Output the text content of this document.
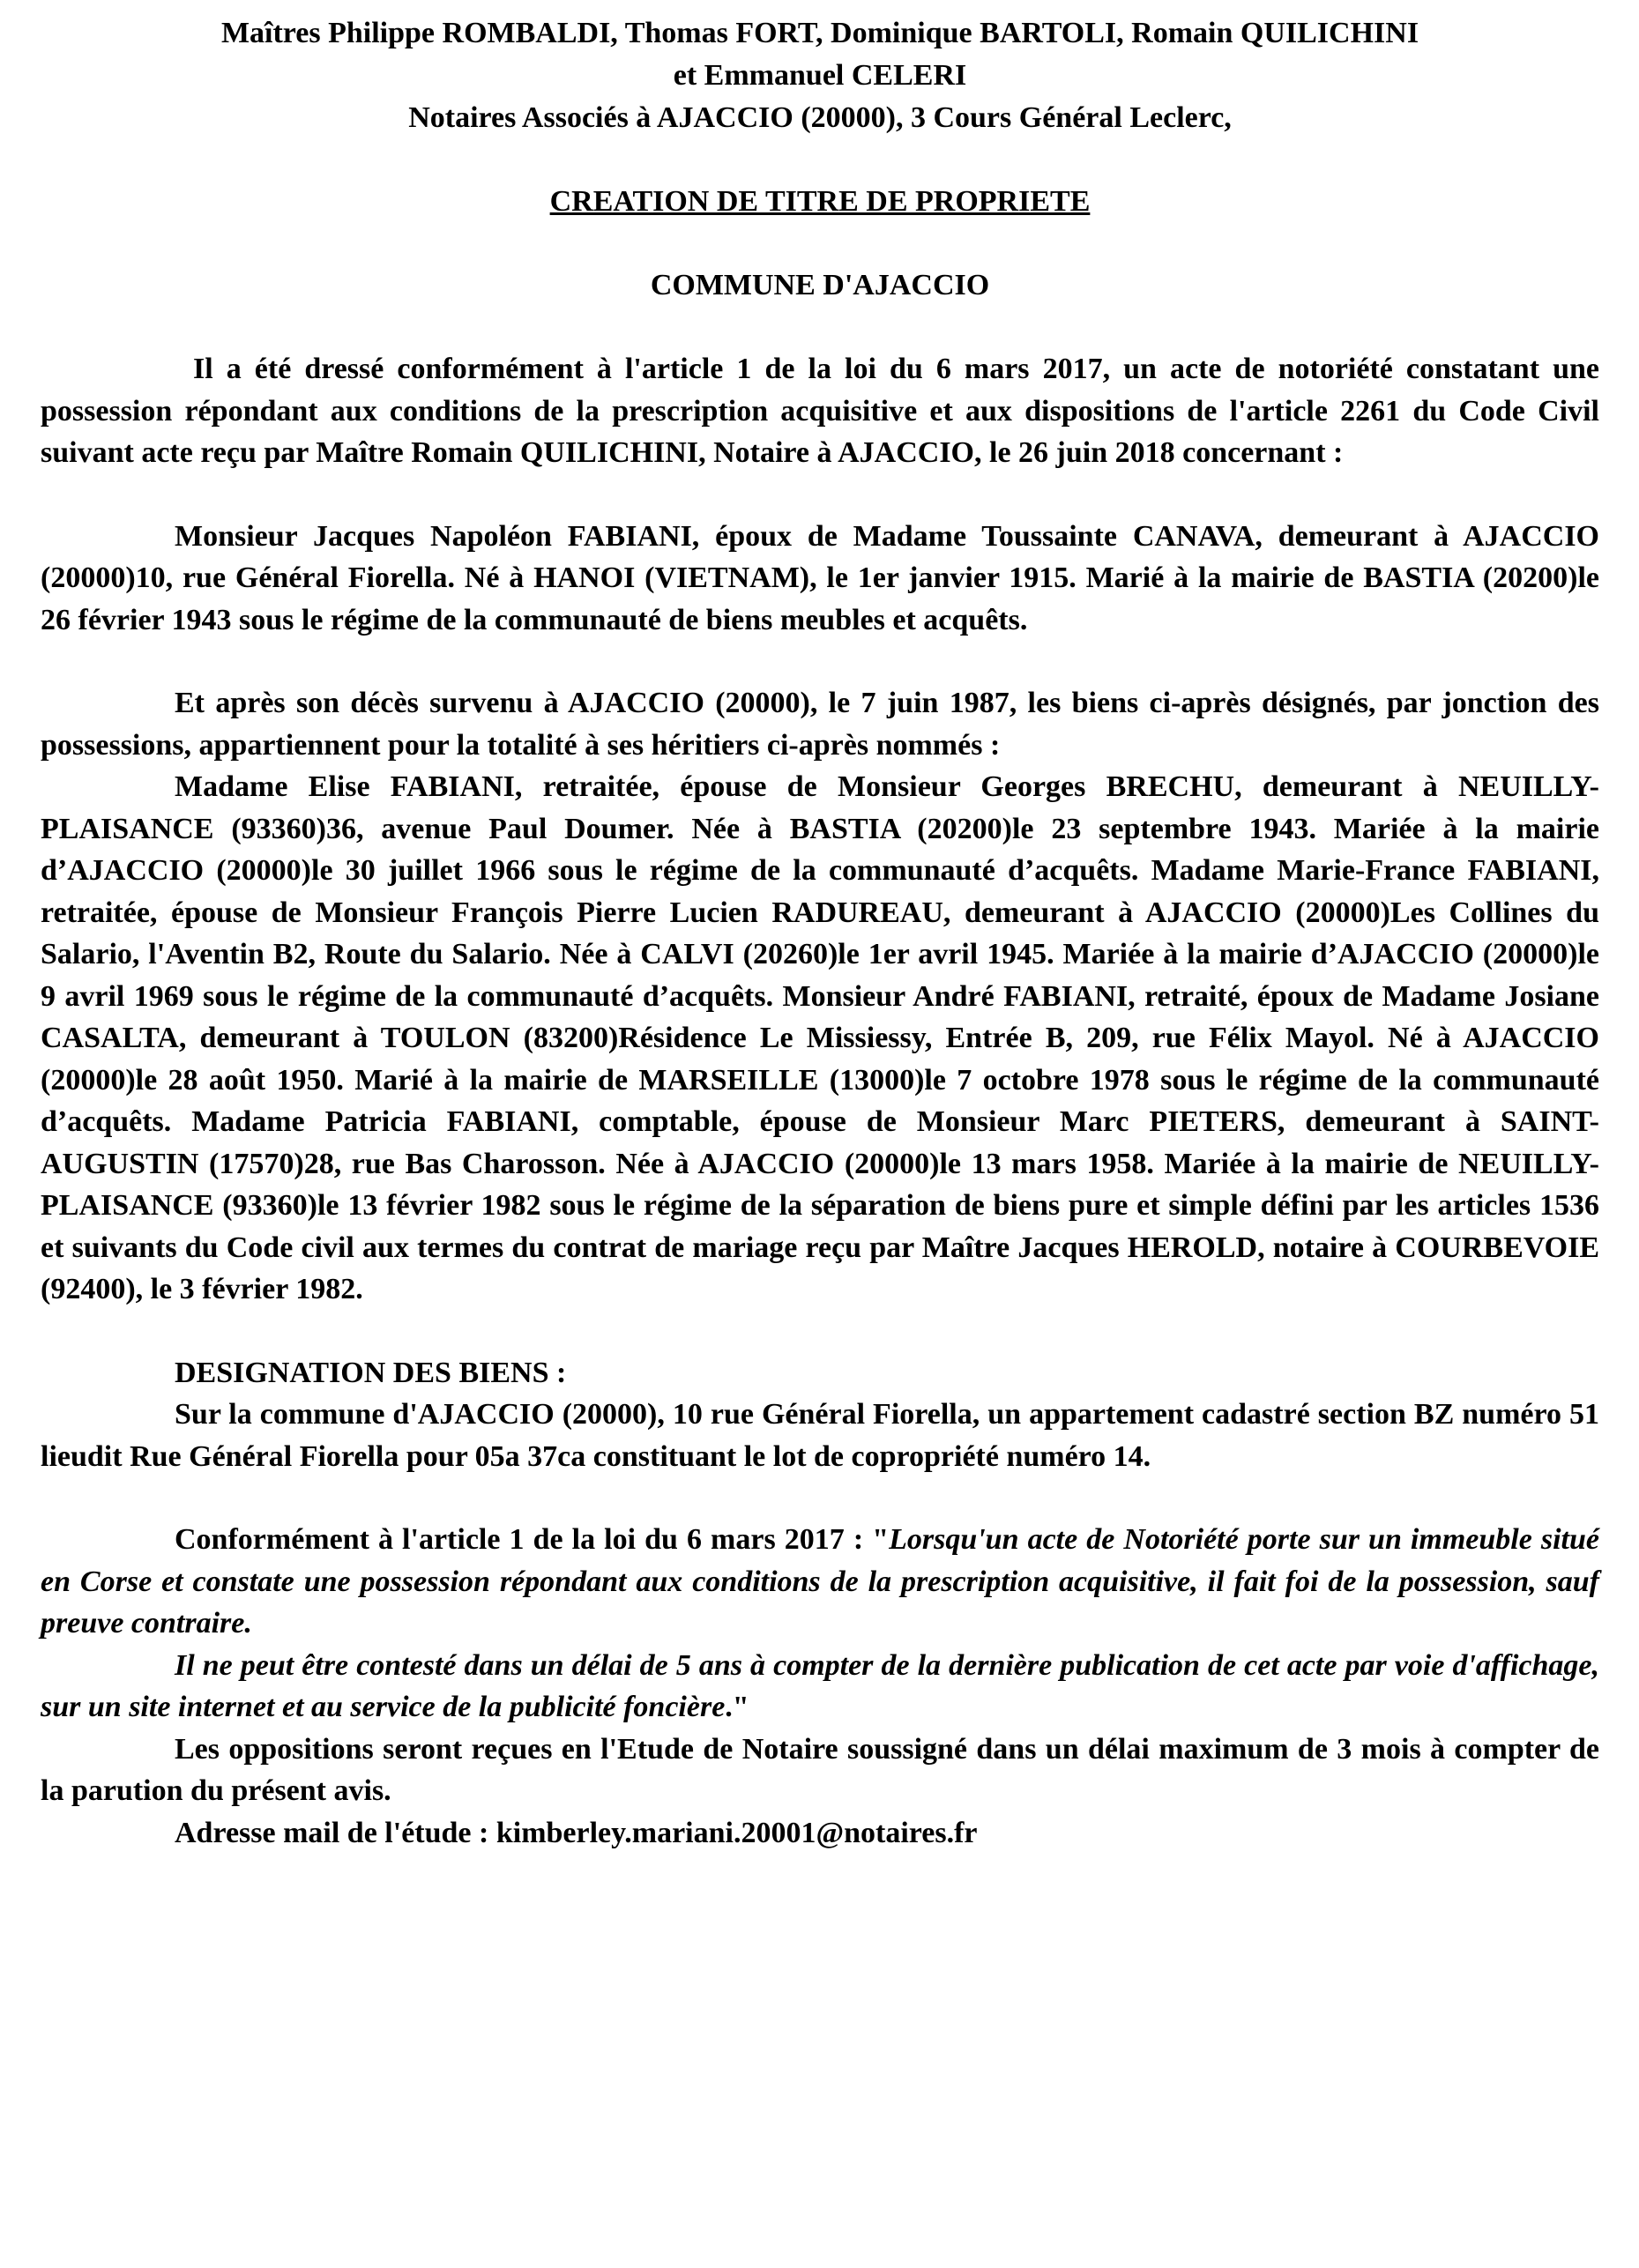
Maîtres Philippe ROMBALDI, Thomas FORT, Dominique BARTOLI, Romain QUILICHINI
et Emmanuel CELERI
Notaires Associés à AJACCIO (20000), 3 Cours Général Leclerc,
CREATION DE TITRE DE PROPRIETE
COMMUNE D'AJACCIO

Il a été dressé conformément à l'article 1 de la loi du 6 mars 2017, un acte de notoriété constatant une possession répondant aux conditions de la prescription acquisitive et aux dispositions de l'article 2261 du Code Civil suivant acte reçu par Maître Romain QUILICHINI, Notaire à AJACCIO, le 26 juin 2018 concernant :

Monsieur Jacques Napoléon FABIANI, époux de Madame Toussainte CANAVA, demeurant à AJACCIO (20000)10, rue Général Fiorella. Né à HANOI (VIETNAM), le 1er janvier 1915. Marié à la mairie de BASTIA (20200)le 26 février 1943 sous le régime de la communauté de biens meubles et acquêts.

Et après son décès survenu à AJACCIO (20000), le 7 juin 1987, les biens ci-après désignés, par jonction des possessions, appartiennent pour la totalité à ses héritiers ci-après nommés :

Madame Elise FABIANI, retraitée, épouse de Monsieur Georges BRECHU, demeurant à NEUILLY-PLAISANCE (93360)36, avenue Paul Doumer. Née à BASTIA (20200)le 23 septembre 1943. Mariée à la mairie d’AJACCIO (20000)le 30 juillet 1966 sous le régime de la communauté d’acquêts. Madame Marie-France FABIANI, retraitée, épouse de Monsieur François Pierre Lucien RADUREAU, demeurant à AJACCIO (20000)Les Collines du Salario, l'Aventin B2, Route du Salario. Née à CALVI (20260)le 1er avril 1945. Mariée à la mairie d’AJACCIO (20000)le 9 avril 1969 sous le régime de la communauté d’acquêts. Monsieur André FABIANI, retraité, époux de Madame Josiane CASALTA, demeurant à TOULON (83200)Résidence Le Missiessy, Entrée B, 209, rue Félix Mayol. Né à AJACCIO (20000)le 28 août 1950. Marié à la mairie de MARSEILLE (13000)le 7 octobre 1978 sous le régime de la communauté d’acquêts. Madame Patricia FABIANI, comptable, épouse de Monsieur Marc PIETERS, demeurant à SAINT-AUGUSTIN (17570)28, rue Bas Charosson. Née à AJACCIO (20000)le 13 mars 1958. Mariée à la mairie de NEUILLY-PLAISANCE (93360)le 13 février 1982 sous le régime de la séparation de biens pure et simple défini par les articles 1536 et suivants du Code civil aux termes du contrat de mariage reçu par Maître Jacques HEROLD, notaire à COURBEVOIE (92400), le 3 février 1982.

DESIGNATION DES BIENS :

Sur la commune d'AJACCIO (20000), 10 rue Général Fiorella, un appartement cadastré section BZ numéro 51 lieudit Rue Général Fiorella pour 05a 37ca constituant le lot de copropriété numéro 14.

Conformément à l'article 1 de la loi du 6 mars 2017 : "Lorsqu'un acte de Notoriété porte sur un immeuble situé en Corse et constate une possession répondant aux conditions de la prescription acquisitive, il fait foi de la possession, sauf preuve contraire.

Il ne peut être contesté dans un délai de 5 ans à compter de la dernière publication de cet acte par voie d'affichage, sur un site internet et au service de la publicité foncière."

Les oppositions seront reçues en l'Etude de Notaire soussigné dans un délai maximum de 3 mois à compter de la parution du présent avis.

Adresse mail de l'étude : kimberley.mariani.20001@notaires.fr
